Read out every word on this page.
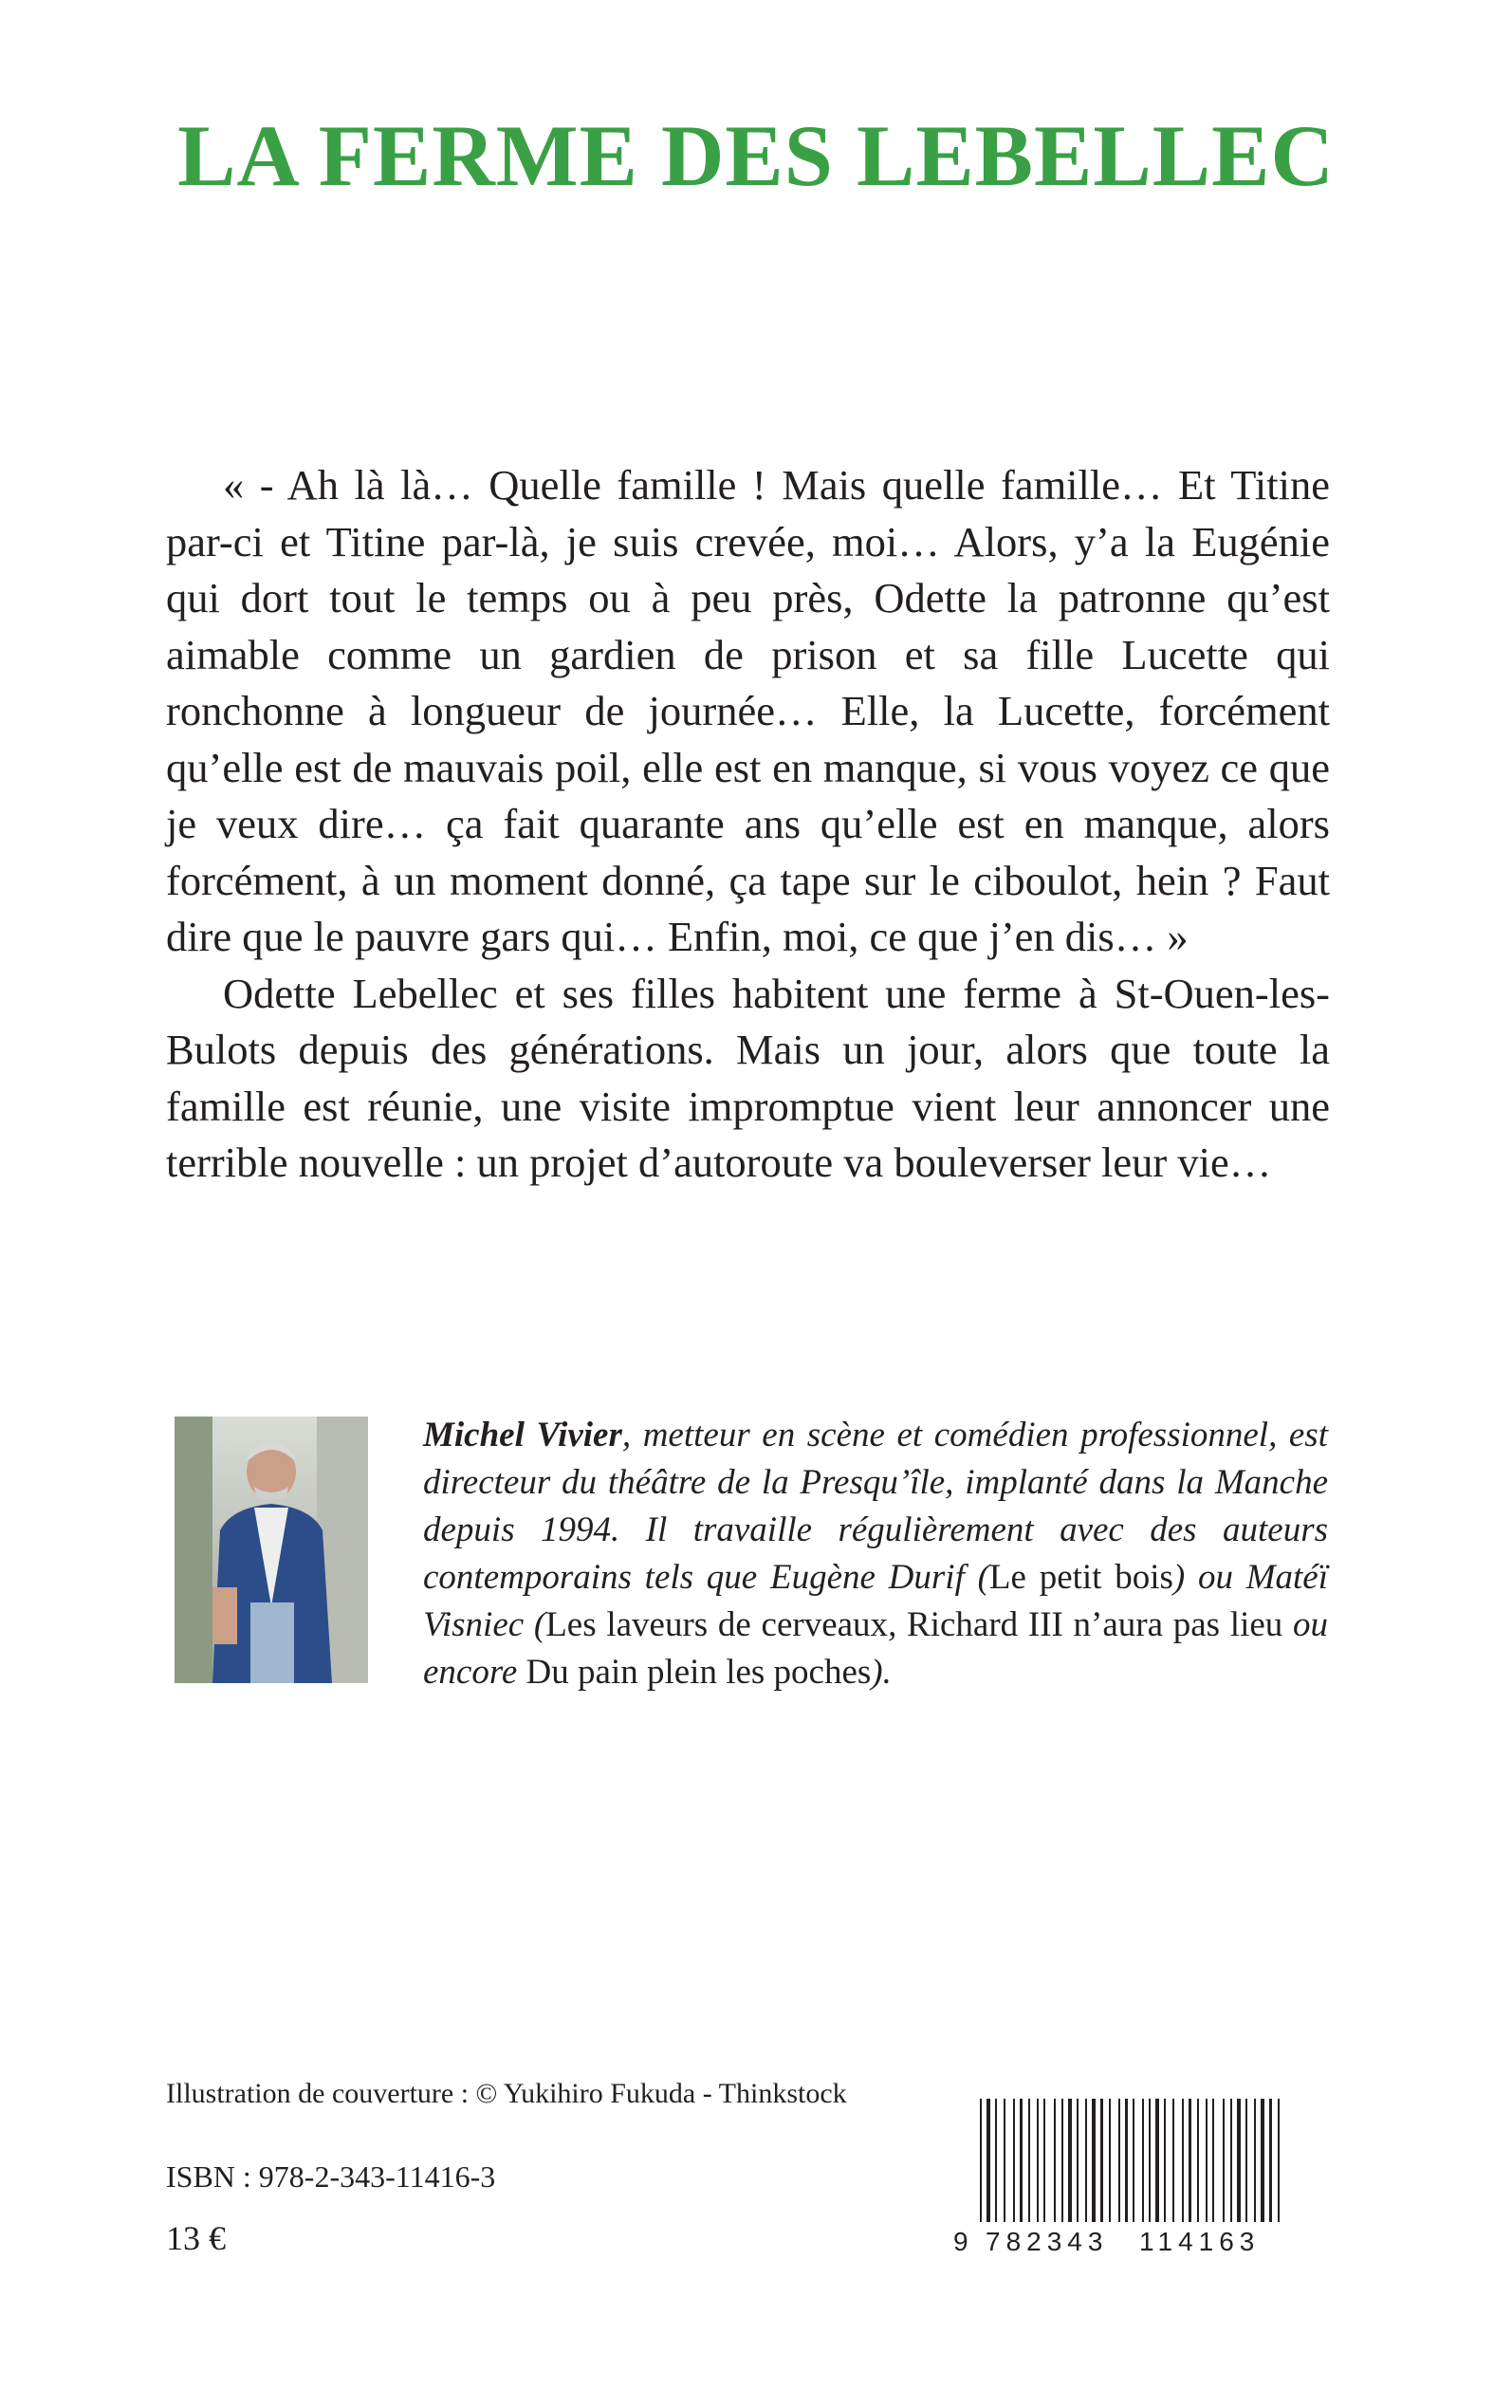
LA FERME DES LEBELLEC

« - Ah là là… Quelle famille ! Mais quelle famille… Et Titine par-ci et Titine par-là, je suis crevée, moi… Alors, y’a la Eugénie qui dort tout le temps ou à peu près, Odette la patronne qu’est aimable comme un gardien de prison et sa fille Lucette qui ronchonne à longueur de journée… Elle, la Lucette, forcément qu’elle est de mauvais poil, elle est en manque, si vous voyez ce que je veux dire… ça fait quarante ans qu’elle est en manque, alors forcément, à un moment donné, ça tape sur le ciboulot, hein ? Faut dire que le pauvre gars qui… Enfin, moi, ce que j’en dis… »

Odette Lebellec et ses filles habitent une ferme à St-Ouen-les-Bulots depuis des générations. Mais un jour, alors que toute la famille est réunie, une visite impromptue vient leur annoncer une terrible nouvelle : un projet d’autoroute va bouleverser leur vie…

Michel Vivier, metteur en scène et comédien professionnel, est directeur du théâtre de la Presqu’île, implanté dans la Manche depuis 1994. Il travaille régulièrement avec des auteurs contemporains tels que Eugène Durif (Le petit bois) ou Matéï Visniec (Les laveurs de cerveaux, Richard III n’aura pas lieu ou encore Du pain plein les poches).

Illustration de couverture : © Yukihiro Fukuda - Thinkstock

ISBN : 978-2-343-11416-3

13 €	9 782343 114163
